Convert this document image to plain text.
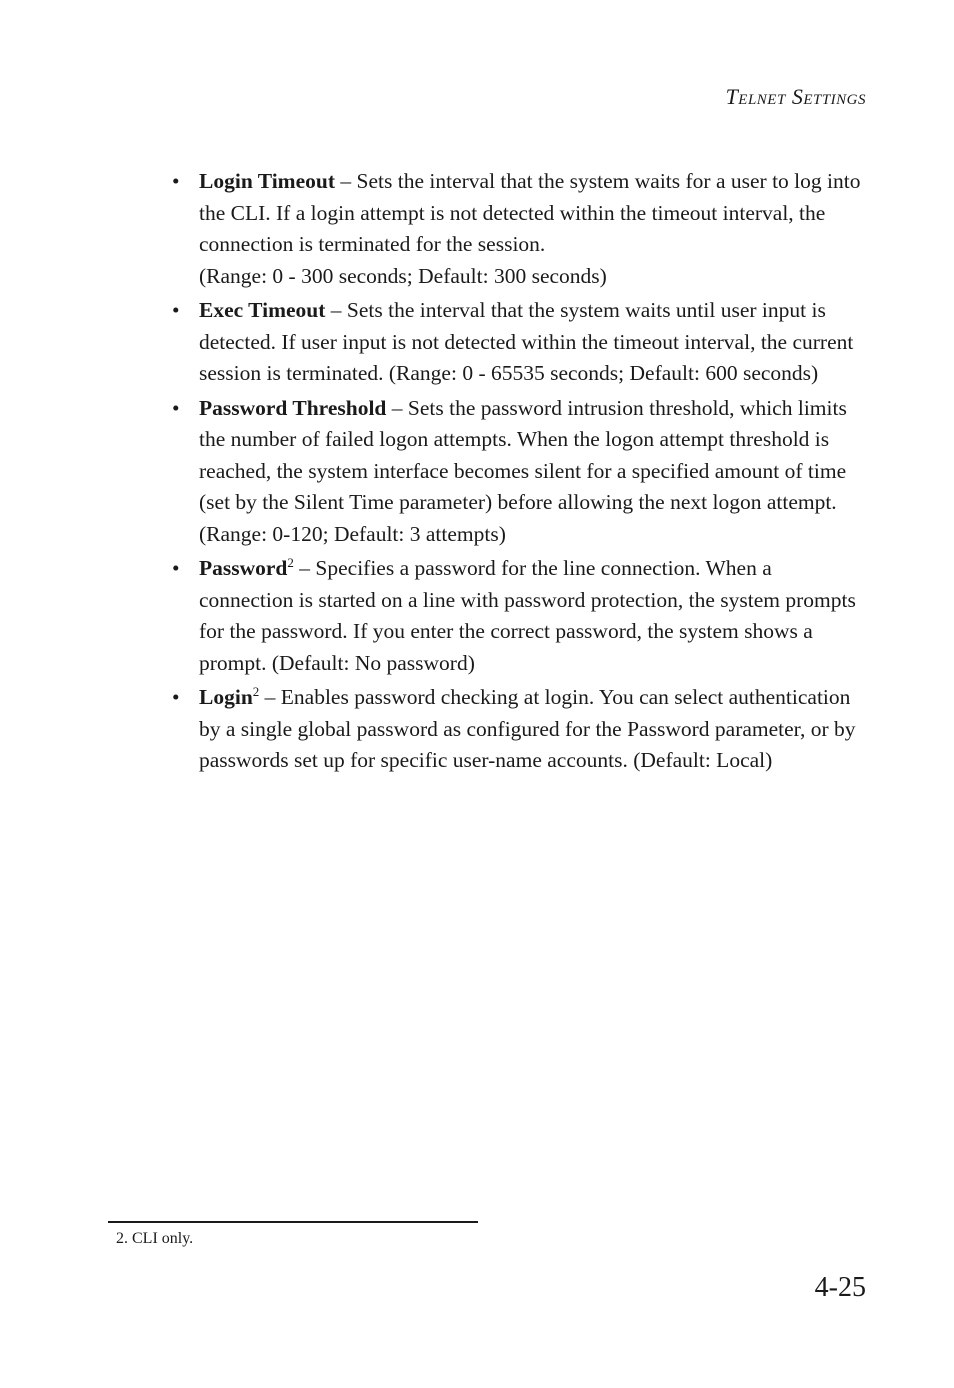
Telnet Settings
• Login Timeout – Sets the interval that the system waits for a user to log into the CLI. If a login attempt is not detected within the timeout interval, the connection is terminated for the session.
(Range: 0 - 300 seconds; Default: 300 seconds)
• Exec Timeout – Sets the interval that the system waits until user input is detected. If user input is not detected within the timeout interval, the current session is terminated. (Range: 0 - 65535 seconds; Default: 600 seconds)
• Password Threshold – Sets the password intrusion threshold, which limits the number of failed logon attempts. When the logon attempt threshold is reached, the system interface becomes silent for a specified amount of time (set by the Silent Time parameter) before allowing the next logon attempt. (Range: 0-120; Default: 3 attempts)
• Password$^2$ – Specifies a password for the line connection. When a connection is started on a line with password protection, the system prompts for the password. If you enter the correct password, the system shows a prompt. (Default: No password)
• Login$^2$ – Enables password checking at login. You can select authentication by a single global password as configured for the Password parameter, or by passwords set up for specific user-name accounts. (Default: Local)
2. CLI only.
4-25
